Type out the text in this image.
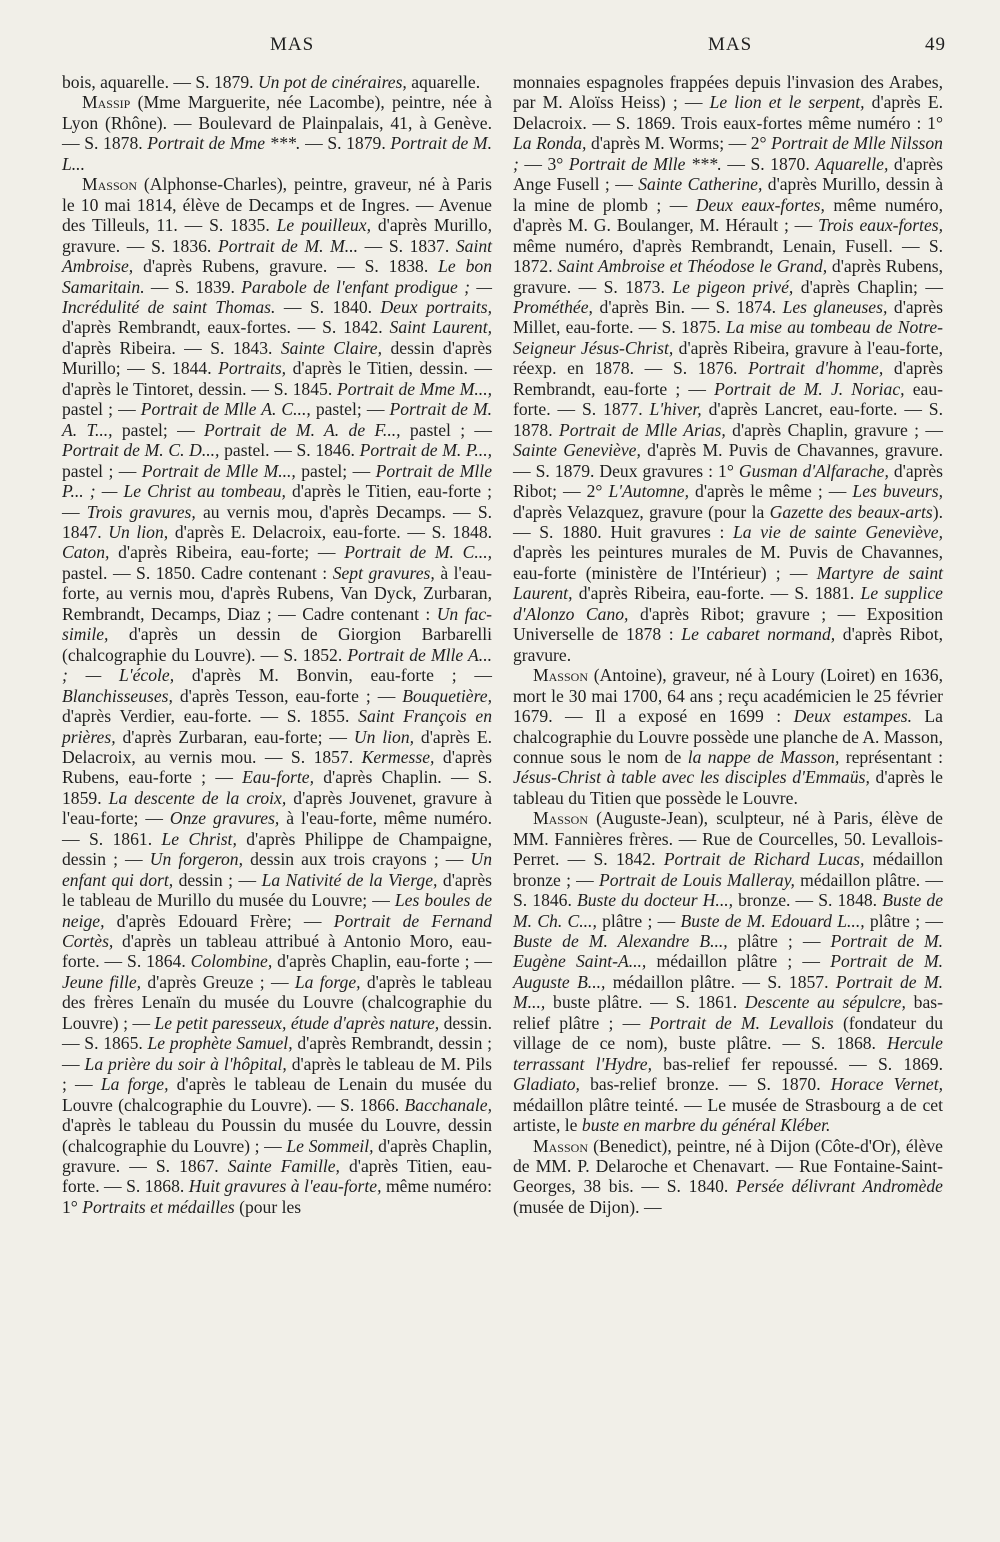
MAS	MAS	49

bois, aquarelle. — S. 1879. Un pot de cinéraires, aquarelle.

Massip (Mme Marguerite, née Lacombe), peintre, née à Lyon (Rhône). — Boulevard de Plainpalais, 41, à Genève. — S. 1878. Portrait de Mme ***. — S. 1879. Portrait de M. L...

Masson (Alphonse-Charles), peintre, graveur, né à Paris le 10 mai 1814, élève de Decamps et de Ingres. — Avenue des Tilleuls, 11. — S. 1835. Le pouilleux, d'après Murillo, gravure. — S. 1836. Portrait de M. M... — S. 1837. Saint Ambroise, d'après Rubens, gravure. — S. 1838. Le bon Samaritain. — S. 1839. Parabole de l'enfant prodigue ; — Incrédulité de saint Thomas. — S. 1840. Deux portraits, d'après Rembrandt, eaux-fortes. — S. 1842. Saint Laurent, d'après Ribeira. — S. 1843. Sainte Claire, dessin d'après Murillo; — S. 1844. Portraits, d'après le Titien, dessin. — d'après le Tintoret, dessin. — S. 1845. Portrait de Mme M..., pastel ; — Portrait de Mlle A. C..., pastel; — Portrait de M. A. T..., pastel; — Portrait de M. A. de F..., pastel ; — Portrait de M. C. D..., pastel. — S. 1846. Portrait de M. P..., pastel ; — Portrait de Mlle M..., pastel; — Portrait de Mlle P... ; — Le Christ au tombeau, d'après le Titien, eau-forte ; — Trois gravures, au vernis mou, d'après Decamps. — S. 1847. Un lion, d'après E. Delacroix, eau-forte. — S. 1848. Caton, d'après Ribeira, eau-forte; — Portrait de M. C..., pastel. — S. 1850. Cadre contenant : Sept gravures, à l'eau-forte, au vernis mou, d'après Rubens, Van Dyck, Zurbaran, Rembrandt, Decamps, Diaz ; — Cadre contenant : Un fac-simile, d'après un dessin de Giorgion Barbarelli (chalcographie du Louvre). — S. 1852. Portrait de Mlle A... ; — L'école, d'après M. Bonvin, eau-forte ; — Blanchisseuses, d'après Tesson, eau-forte ; — Bouquetière, d'après Verdier, eau-forte. — S. 1855. Saint François en prières, d'après Zurbaran, eau-forte; — Un lion, d'après E. Delacroix, au vernis mou. — S. 1857. Kermesse, d'après Rubens, eau-forte ; — Eau-forte, d'après Chaplin. — S. 1859. La descente de la croix, d'après Jouvenet, gravure à l'eau-forte; — Onze gravures, à l'eau-forte, même numéro. — S. 1861. Le Christ, d'après Philippe de Champaigne, dessin ; — Un forgeron, dessin aux trois crayons ; — Un enfant qui dort, dessin ; — La Nativité de la Vierge, d'après le tableau de Murillo du musée du Louvre; — Les boules de neige, d'après Edouard Frère; — Portrait de Fernand Cortès, d'après un tableau attribué à Antonio Moro, eau-forte. — S. 1864. Colombine, d'après Chaplin, eau-forte ; — Jeune fille, d'après Greuze ; — La forge, d'après le tableau des frères Lenaïn du musée du Louvre (chalcographie du Louvre) ; — Le petit paresseux, étude d'après nature, dessin. — S. 1865. Le prophète Samuel, d'après Rembrandt, dessin ; — La prière du soir à l'hôpital, d'après le tableau de M. Pils ; — La forge, d'après le tableau de Lenain du musée du Louvre (chalcographie du Louvre). — S. 1866. Bacchanale, d'après le tableau du Poussin du musée du Louvre, dessin (chalcographie du Louvre) ; — Le Sommeil, d'après Chaplin, gravure. — S. 1867. Sainte Famille, d'après Titien, eau-forte. — S. 1868. Huit gravures à l'eau-forte, même numéro: 1° Portraits et médailles (pour les

monnaies espagnoles frappées depuis l'invasion des Arabes, par M. Aloïss Heiss) ; — Le lion et le serpent, d'après E. Delacroix. — S. 1869. Trois eaux-fortes même numéro : 1° La Ronda, d'après M. Worms; — 2° Portrait de Mlle Nilsson ; — 3° Portrait de Mlle ***. — S. 1870. Aquarelle, d'après Ange Fusell ; — Sainte Catherine, d'après Murillo, dessin à la mine de plomb ; — Deux eaux-fortes, même numéro, d'après M. G. Boulanger, M. Hérault ; — Trois eaux-fortes, même numéro, d'après Rembrandt, Lenain, Fusell. — S. 1872. Saint Ambroise et Théodose le Grand, d'après Rubens, gravure. — S. 1873. Le pigeon privé, d'après Chaplin; — Prométhée, d'après Bin. — S. 1874. Les glaneuses, d'après Millet, eau-forte. — S. 1875. La mise au tombeau de Notre-Seigneur Jésus-Christ, d'après Ribeira, gravure à l'eau-forte, réexp. en 1878. — S. 1876. Portrait d'homme, d'après Rembrandt, eau-forte ; — Portrait de M. J. Noriac, eau-forte. — S. 1877. L'hiver, d'après Lancret, eau-forte. — S. 1878. Portrait de Mlle Arias, d'après Chaplin, gravure ; — Sainte Geneviève, d'après M. Puvis de Chavannes, gravure. — S. 1879. Deux gravures : 1° Gusman d'Alfarache, d'après Ribot; — 2° L'Automne, d'après le même ; — Les buveurs, d'après Velazquez, gravure (pour la Gazette des beaux-arts). — S. 1880. Huit gravures : La vie de sainte Geneviève, d'après les peintures murales de M. Puvis de Chavannes, eau-forte (ministère de l'Intérieur) ; — Martyre de saint Laurent, d'après Ribeira, eau-forte. — S. 1881. Le supplice d'Alonzo Cano, d'après Ribot; gravure ; — Exposition Universelle de 1878 : Le cabaret normand, d'après Ribot, gravure.

Masson (Antoine), graveur, né à Loury (Loiret) en 1636, mort le 30 mai 1700, 64 ans ; reçu académicien le 25 février 1679. — Il a exposé en 1699 : Deux estampes. La chalcographie du Louvre possède une planche de A. Masson, connue sous le nom de la nappe de Masson, représentant : Jésus-Christ à table avec les disciples d'Emmaüs, d'après le tableau du Titien que possède le Louvre.

Masson (Auguste-Jean), sculpteur, né à Paris, élève de MM. Fannières frères. — Rue de Courcelles, 50. Levallois-Perret. — S. 1842. Portrait de Richard Lucas, médaillon bronze ; — Portrait de Louis Malleray, médaillon plâtre. — S. 1846. Buste du docteur H..., bronze. — S. 1848. Buste de M. Ch. C..., plâtre ; — Buste de M. Edouard L..., plâtre ; — Buste de M. Alexandre B..., plâtre ; — Portrait de M. Eugène Saint-A..., médaillon plâtre ; — Portrait de M. Auguste B..., médaillon plâtre. — S. 1857. Portrait de M. M..., buste plâtre. — S. 1861. Descente au sépulcre, bas-relief plâtre ; — Portrait de M. Levallois (fondateur du village de ce nom), buste plâtre. — S. 1868. Hercule terrassant l'Hydre, bas-relief fer repoussé. — S. 1869. Gladiato, bas-relief bronze. — S. 1870. Horace Vernet, médaillon plâtre teinté. — Le musée de Strasbourg a de cet artiste, le buste en marbre du général Kléber.

Masson (Benedict), peintre, né à Dijon (Côte-d'Or), élève de MM. P. Delaroche et Chenavart. — Rue Fontaine-Saint-Georges, 38 bis. — S. 1840. Persée délivrant Andromède (musée de Dijon). —
